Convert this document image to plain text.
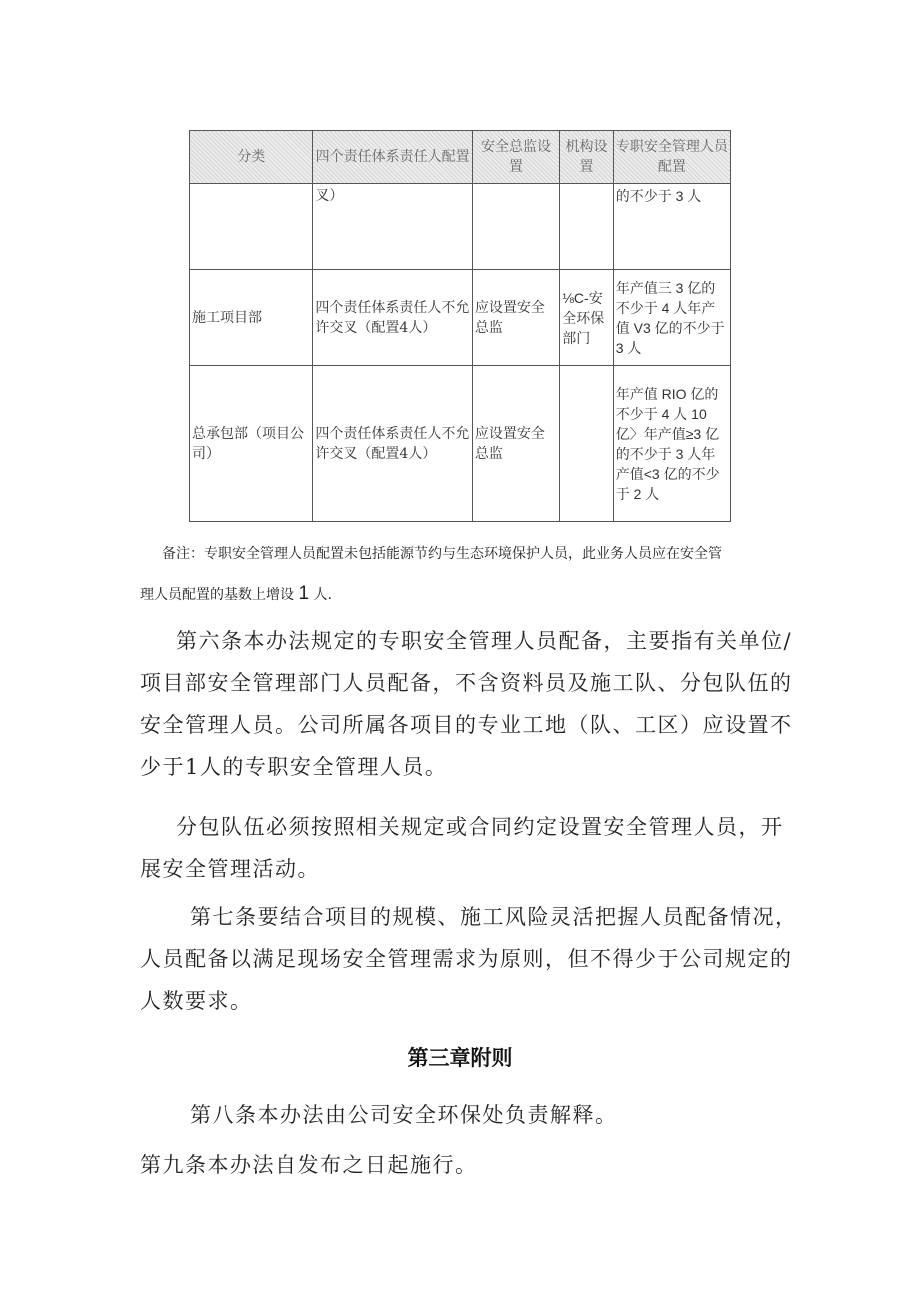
分类	四个责任体系责任人配置	安全总监设置	机构设置	专职安全管理人员配置
	叉）			的不少于 3 人
施工项目部	四个责任体系责任人不允许交叉（配置4人）	应设置安全总监	⅛C-安全环保部门	年产值三 3 亿的不少于 4 人年产值 V3 亿的不少于 3 人
总承包部（项目公司）	四个责任体系责任人不允许交叉（配置4人）	应设置安全总监		年产值 RIO 亿的不少于 4 人 10 亿〉年产值≥3 亿的不少于 3 人年产值<3 亿的不少于 2 人
备注：专职安全管理人员配置未包括能源节约与生态环境保护人员，此业务人员应在安全管
理人员配置的基数上增设 1 人.

第六条本办法规定的专职安全管理人员配备，主要指有关单位/项目部安全管理部门人员配备，不含资料员及施工队、分包队伍的安全管理人员。公司所属各项目的专业工地（队、工区）应设置不少于1人的专职安全管理人员。

分包队伍必须按照相关规定或合同约定设置安全管理人员，开展安全管理活动。

第七条要结合项目的规模、施工风险灵活把握人员配备情况，人员配备以满足现场安全管理需求为原则，但不得少于公司规定的人数要求。

第三章附则

第八条本办法由公司安全环保处负责解释。

第九条本办法自发布之日起施行。
